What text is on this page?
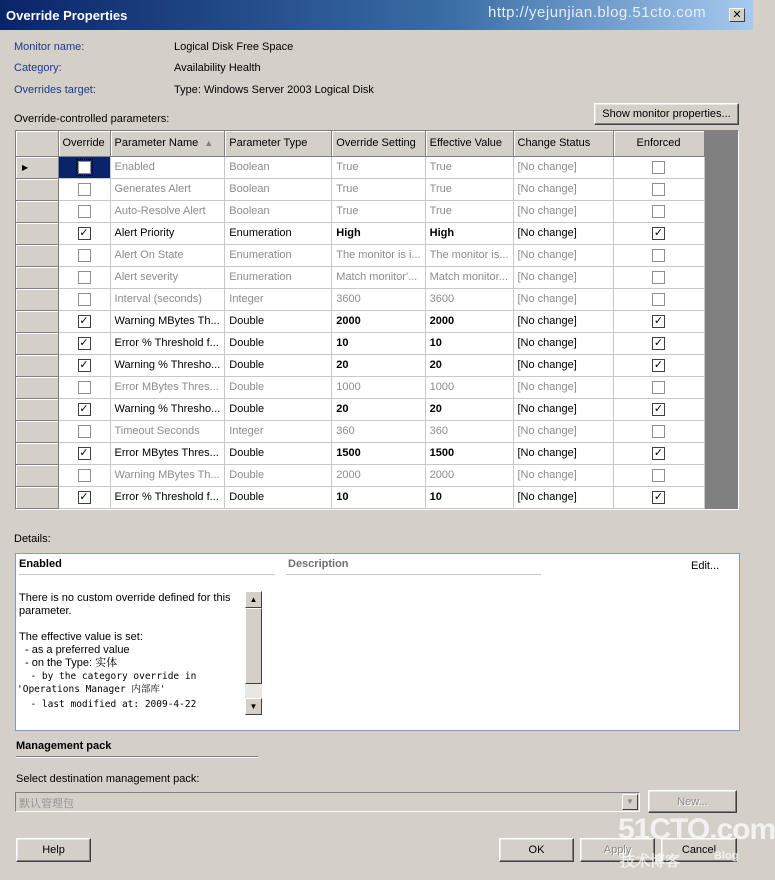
Override Properties	http://yejunjian.blog.51cto.com	✕
Monitor name:	Logical Disk Free Space
Category:	Availability Health
Overrides target:	Type: Windows Server 2003 Logical Disk
Override-controlled parameters:	Show monitor properties...
	Override	Parameter Name ▲	Parameter Type	Override Setting	Effective Value	Change Status	Enforced
▶		Enabled	Boolean	True	True	[No change]	
		Generates Alert	Boolean	True	True	[No change]	
		Auto-Resolve Alert	Boolean	True	True	[No change]	
	✓	Alert Priority	Enumeration	High	High	[No change]	✓
		Alert On State	Enumeration	The monitor is i...	The monitor is...	[No change]	
		Alert severity	Enumeration	Match monitor'...	Match monitor...	[No change]	
		Interval (seconds)	Integer	3600	3600	[No change]	
	✓	Warning MBytes Th...	Double	2000	2000	[No change]	✓
	✓	Error % Threshold f...	Double	10	10	[No change]	✓
	✓	Warning % Thresho...	Double	20	20	[No change]	✓
		Error MBytes Thres...	Double	1000	1000	[No change]	
	✓	Warning % Thresho...	Double	20	20	[No change]	✓
		Timeout Seconds	Integer	360	360	[No change]	
	✓	Error MBytes Thres...	Double	1500	1500	[No change]	✓
		Warning MBytes Th...	Double	2000	2000	[No change]	
	✓	Error % Threshold f...	Double	10	10	[No change]	✓
Details:
Enabled	Description	Edit...
There is no custom override defined for this parameter.
The effective value is set:
- as a preferred value
- on the Type: 实体
- by the category override in
'Operations Manager 内部库'
- last modified at: 2009-4-22
▲
▼
Management pack
Select destination management pack:
默认管理包	▼	New...
Help	OK	Apply	Cancel
51CTO.com
技术博客	Blog
